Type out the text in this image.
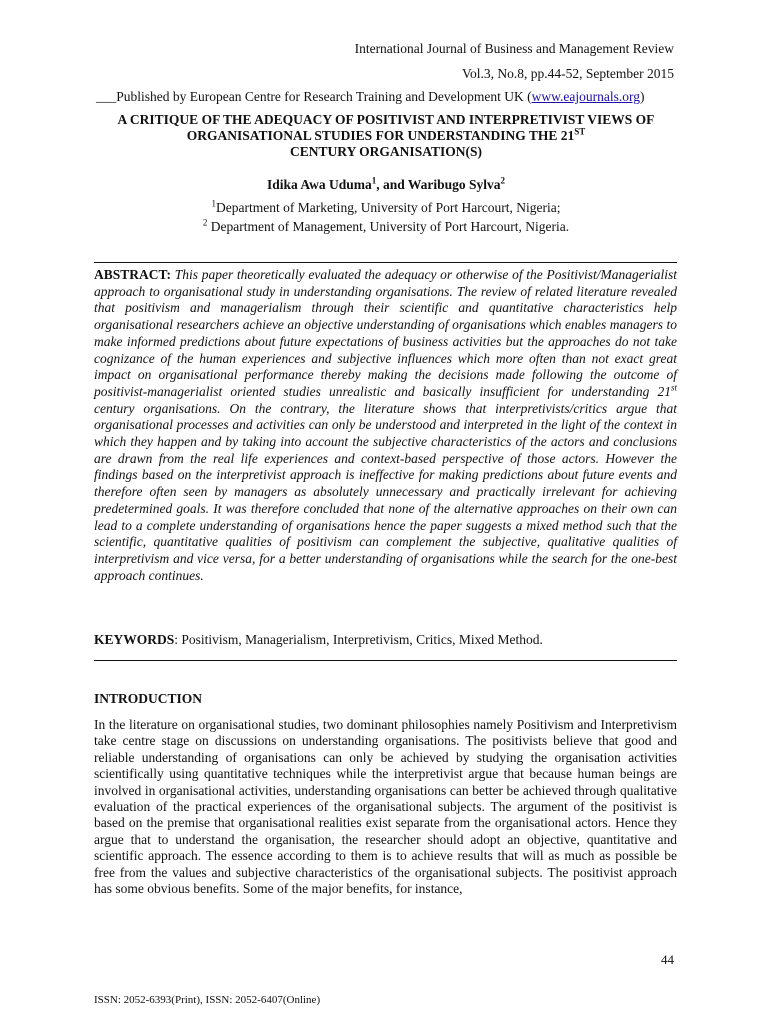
International Journal of Business and Management Review
Vol.3, No.8, pp.44-52, September 2015
___Published by European Centre for Research Training and Development UK (www.eajournals.org)
A CRITIQUE OF THE ADEQUACY OF POSITIVIST AND INTERPRETIVIST VIEWS OF ORGANISATIONAL STUDIES FOR UNDERSTANDING THE 21ST
CENTURY ORGANISATION(S)
Idika Awa Uduma$^1$, and Waribugo Sylva$^2$
$^1$Department of Marketing, University of Port Harcourt, Nigeria;
$^2$ Department of Management, University of Port Harcourt, Nigeria.
ABSTRACT: This paper theoretically evaluated the adequacy or otherwise of the Positivist/Managerialist approach to organisational study in understanding organisations. The review of related literature revealed that positivism and managerialism through their scientific and quantitative characteristics help organisational researchers achieve an objective understanding of organisations which enables managers to make informed predictions about future expectations of business activities but the approaches do not take cognizance of the human experiences and subjective influences which more often than not exact great impact on organisational performance thereby making the decisions made following the outcome of positivist-managerialist oriented studies unrealistic and basically insufficient for understanding 21st century organisations. On the contrary, the literature shows that interpretivists/critics argue that organisational processes and activities can only be understood and interpreted in the light of the context in which they happen and by taking into account the subjective characteristics of the actors and conclusions are drawn from the real life experiences and context-based perspective of those actors. However the findings based on the interpretivist approach is ineffective for making predictions about future events and therefore often seen by managers as absolutely unnecessary and practically irrelevant for achieving predetermined goals. It was therefore concluded that none of the alternative approaches on their own can lead to a complete understanding of organisations hence the paper suggests a mixed method such that the scientific, quantitative qualities of positivism can complement the subjective, qualitative qualities of interpretivism and vice versa, for a better understanding of organisations while the search for the one-best approach continues.
KEYWORDS: Positivism, Managerialism, Interpretivism, Critics, Mixed Method.
INTRODUCTION
In the literature on organisational studies, two dominant philosophies namely Positivism and Interpretivism take centre stage on discussions on understanding organisations. The positivists believe that good and reliable understanding of organisations can only be achieved by studying the organisation activities scientifically using quantitative techniques while the interpretivist argue that because human beings are involved in organisational activities, understanding organisations can better be achieved through qualitative evaluation of the practical experiences of the organisational subjects. The argument of the positivist is based on the premise that organisational realities exist separate from the organisational actors. Hence they argue that to understand the organisation, the researcher should adopt an objective, quantitative and scientific approach. The essence according to them is to achieve results that will as much as possible be free from the values and subjective characteristics of the organisational subjects. The positivist approach has some obvious benefits. Some of the major benefits, for instance,
44
ISSN: 2052-6393(Print), ISSN: 2052-6407(Online)
